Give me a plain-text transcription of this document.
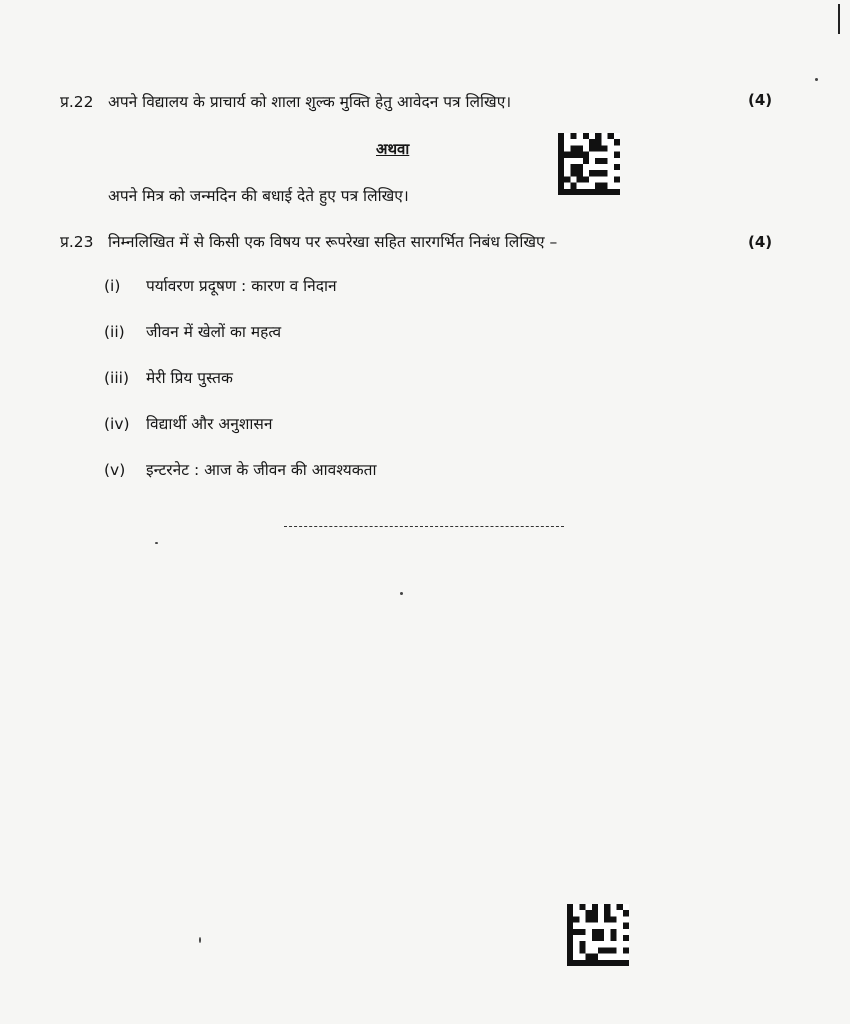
प्र.22 अपने विद्यालय के प्राचार्य को शाला शुल्क मुक्ति हेतु आवेदन पत्र लिखिए।	(4)
अथवा
अपने मित्र को जन्मदिन की बधाई देते हुए पत्र लिखिए।
प्र.23 निम्नलिखित में से किसी एक विषय पर रूपरेखा सहित सारगर्भित निबंध लिखिए –	(4)
(i) पर्यावरण प्रदूषण : कारण व निदान
(ii) जीवन में खेलों का महत्व
(iii) मेरी प्रिय पुस्तक
(iv) विद्यार्थी और अनुशासन
(v) इन्टरनेट : आज के जीवन की आवश्यकता
